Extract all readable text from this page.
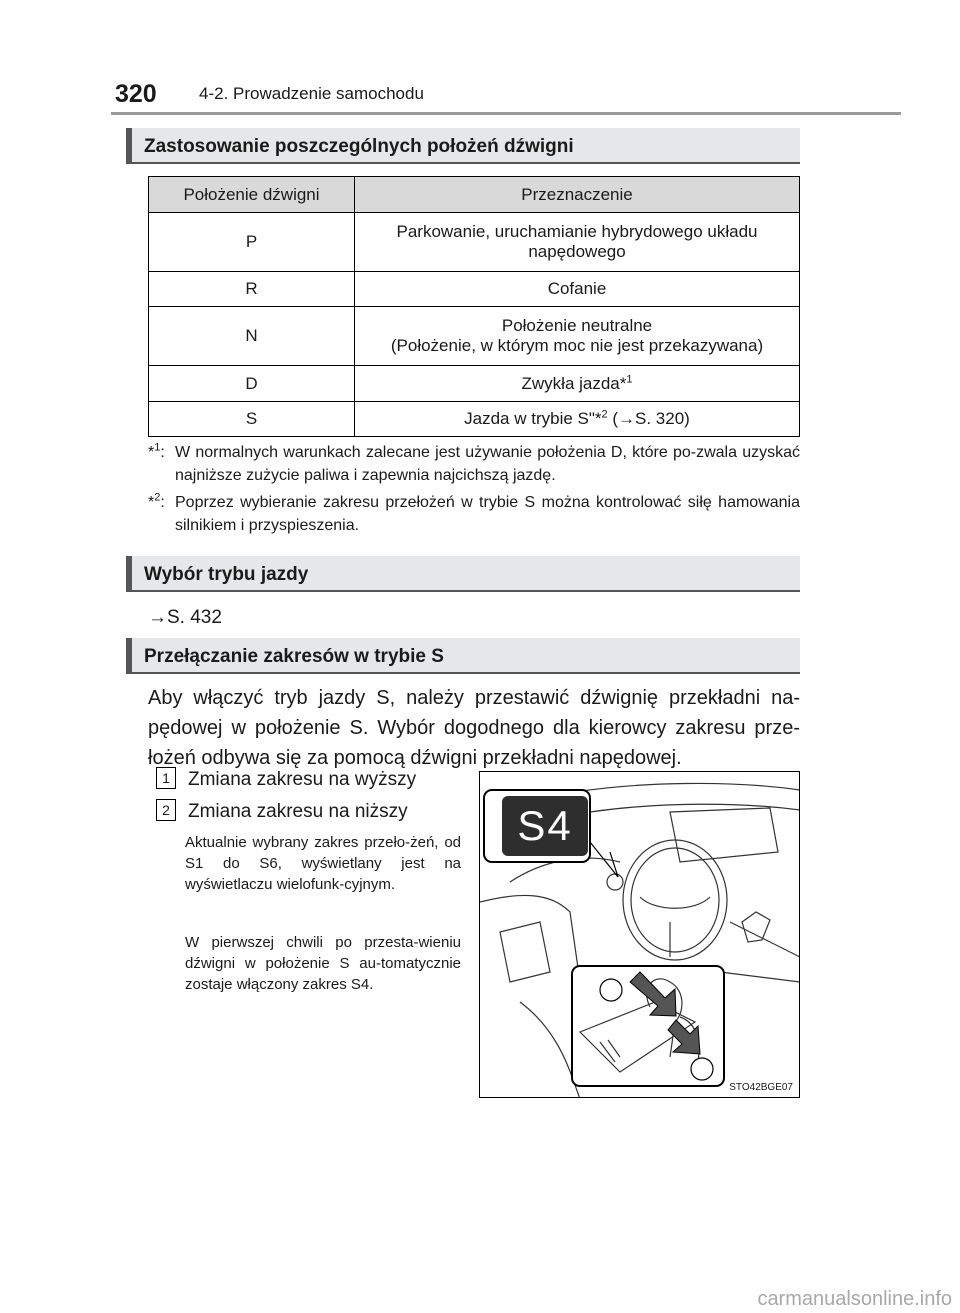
320 4-2. Prowadzenie samochodu
Zastosowanie poszczególnych położeń dźwigni
Położenie dźwigni	Przeznaczenie
P	Parkowanie, uruchamianie hybrydowego układu
napędowego
R	Cofanie
N	Położenie neutralne
(Położenie, w którym moc nie jest przekazywana)
D	Zwykła jazda*$^1$
S	Jazda w trybie S"*$^2$ (→S. 320)
*$^1$: W normalnych warunkach zalecane jest używanie położenia D, które po-zwala uzyskać najniższe zużycie paliwa i zapewnia najcichszą jazdę.
*$^2$: Poprzez wybieranie zakresu przełożeń w trybie S można kontrolować siłę hamowania silnikiem i przyspieszenia.
Wybór trybu jazdy
→S. 432
Przełączanie zakresów w trybie S
Aby włączyć tryb jazdy S, należy przestawić dźwignię przekładni na-pędowej w położenie S. Wybór dogodnego dla kierowcy zakresu prze-łożeń odbywa się za pomocą dźwigni przekładni napędowej.
1 Zmiana zakresu na wyższy
2 Zmiana zakresu na niższy
Aktualnie wybrany zakres przeło-żeń, od S1 do S6, wyświetlany jest na wyświetlaczu wielofunk-cyjnym.
W pierwszej chwili po przesta-wieniu dźwigni w położenie S au-tomatycznie zostaje włączony zakres S4.
S4
STO42BGE07
carmanualsonline.info
